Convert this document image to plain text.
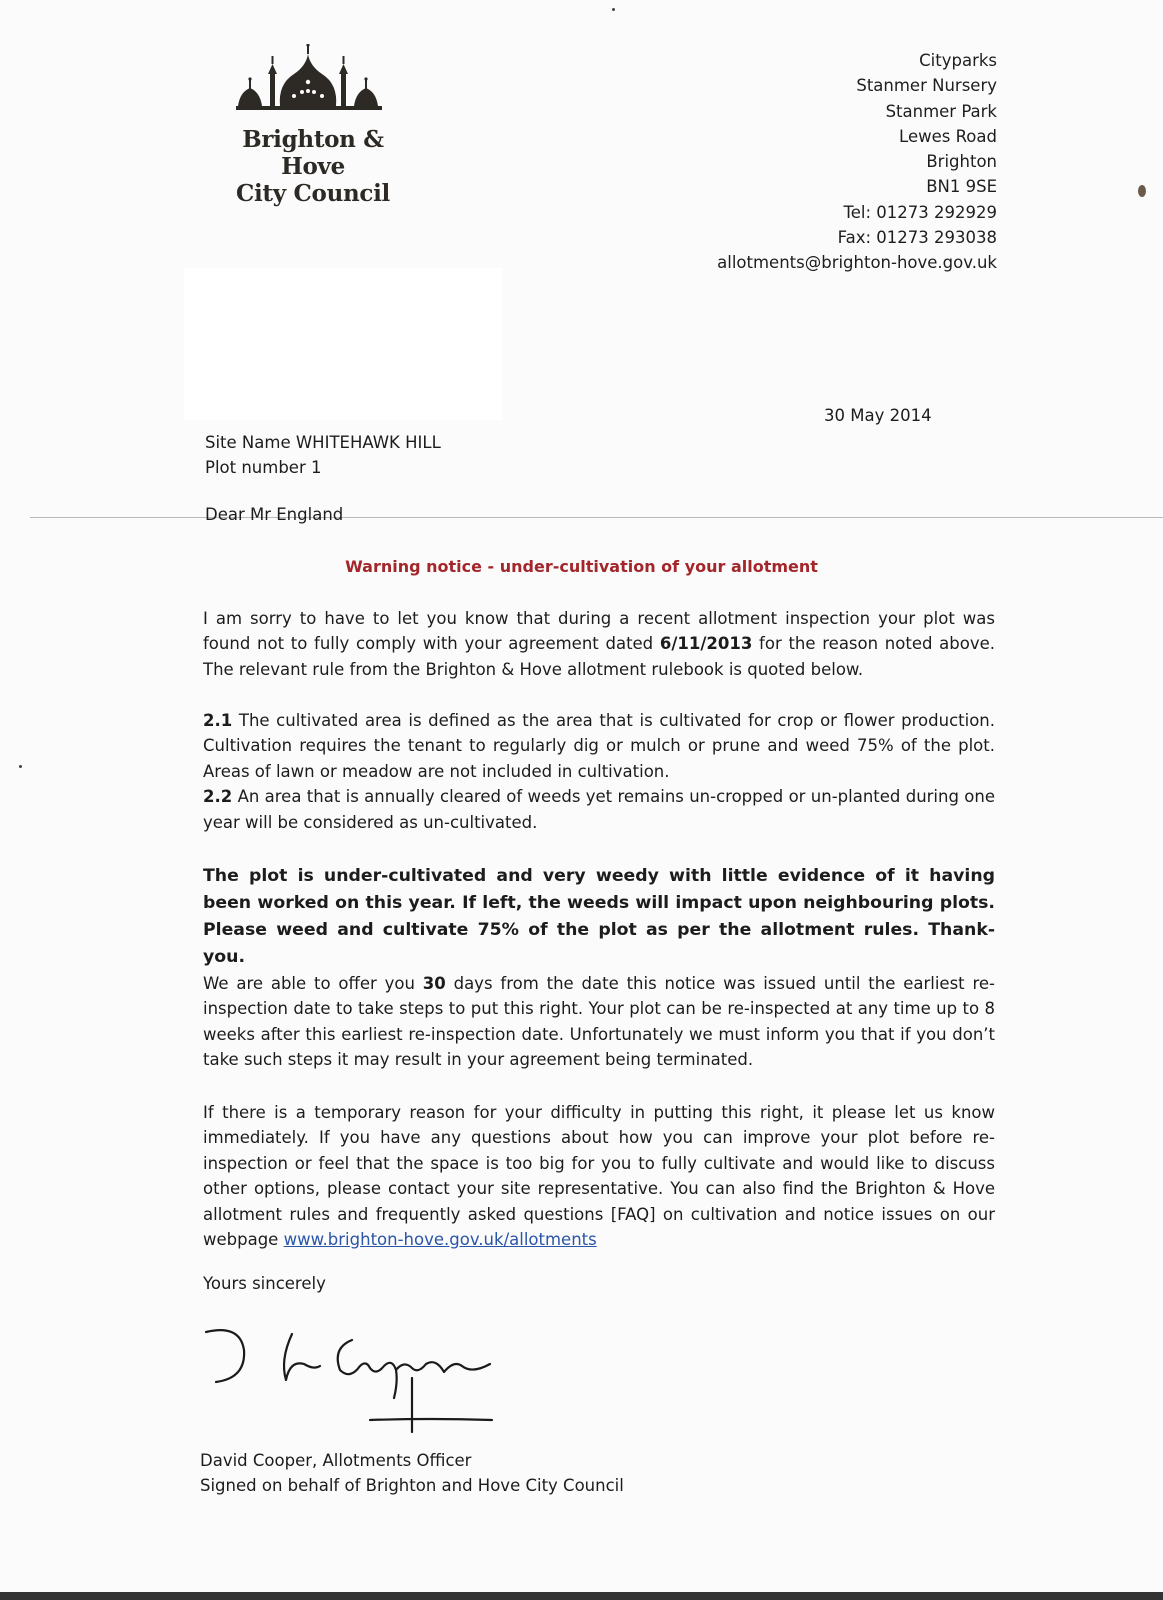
Brighton & Hove
City Council
Cityparks
Stanmer Nursery
Stanmer Park
Lewes Road
Brighton
BN1 9SE
Tel: 01273 292929
Fax: 01273 293038
allotments@brighton-hove.gov.uk
30 May 2014
Site Name WHITEHAWK HILL
Plot number 1
Dear Mr England
Warning notice - under-cultivation of your allotment
I am sorry to have to let you know that during a recent allotment inspection your plot was found not to fully comply with your agreement dated 6/11/2013 for the reason noted above. The relevant rule from the Brighton & Hove allotment rulebook is quoted below.
2.1 The cultivated area is defined as the area that is cultivated for crop or flower production. Cultivation requires the tenant to regularly dig or mulch or prune and weed 75% of the plot. Areas of lawn or meadow are not included in cultivation.
2.2 An area that is annually cleared of weeds yet remains un-cropped or un-planted during one year will be considered as un-cultivated.
The plot is under-cultivated and very weedy with little evidence of it having been worked on this year. If left, the weeds will impact upon neighbouring plots. Please weed and cultivate 75% of the plot as per the allotment rules. Thank-you.
We are able to offer you 30 days from the date this notice was issued until the earliest re-inspection date to take steps to put this right. Your plot can be re-inspected at any time up to 8 weeks after this earliest re-inspection date. Unfortunately we must inform you that if you don’t take such steps it may result in your agreement being terminated.
If there is a temporary reason for your difficulty in putting this right, it please let us know immediately. If you have any questions about how you can improve your plot before re-inspection or feel that the space is too big for you to fully cultivate and would like to discuss other options, please contact your site representative. You can also find the Brighton & Hove allotment rules and frequently asked questions [FAQ] on cultivation and notice issues on our webpage www.brighton-hove.gov.uk/allotments
Yours sincerely
David Cooper, Allotments Officer
Signed on behalf of Brighton and Hove City Council
